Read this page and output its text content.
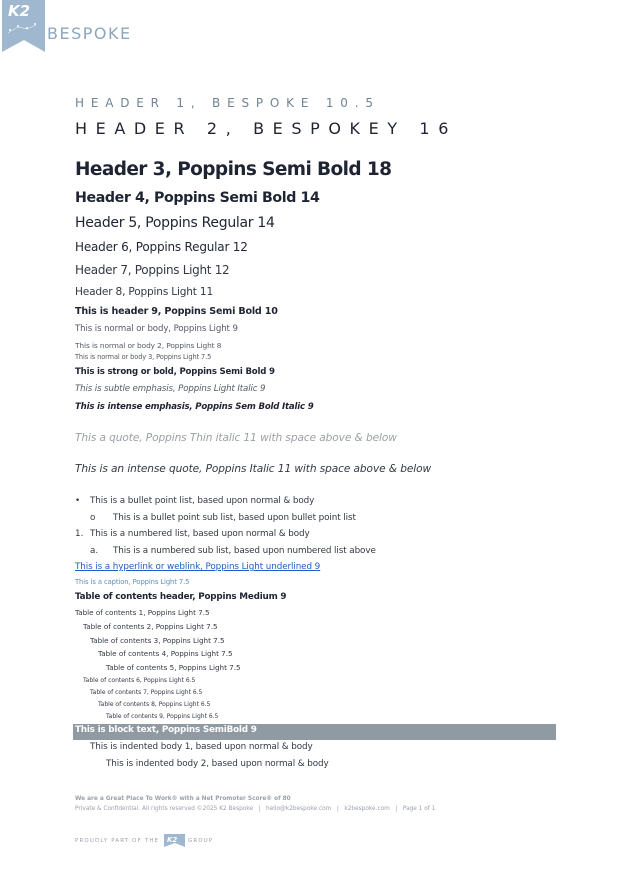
K2
BESPOKE
HEADER 1, BESPOKE 10.5
HEADER 2, BESPOKEY 16
Header 3, Poppins Semi Bold 18
Header 4, Poppins Semi Bold 14
Header 5, Poppins Regular 14
Header 6, Poppins Regular 12
Header 7, Poppins Light 12
Header 8, Poppins Light 11
This is header 9, Poppins Semi Bold 10
This is normal or body, Poppins Light 9
This is normal or body 2, Poppins Light 8
This is normal or body 3, Poppins Light 7.5
This is strong or bold, Poppins Semi Bold 9
This is subtle emphasis, Poppins Light Italic 9
This is intense emphasis, Poppins Sem Bold Italic 9
This a quote, Poppins Thin italic 11 with space above & below
This is an intense quote, Poppins Italic 11 with space above & below
• This is a bullet point list, based upon normal & body
o This is a bullet point sub list, based upon bullet point list
1. This is a numbered list, based upon normal & body
a. This is a numbered sub list, based upon numbered list above
This is a hyperlink or weblink, Poppins Light underlined 9
This is a caption, Poppins Light 7.5
Table of contents header, Poppins Medium 9
Table of contents 1, Poppins Light 7.5
Table of contents 2, Poppins Light 7.5
Table of contents 3, Poppins Light 7.5
Table of contents 4, Poppins Light 7.5
Table of contents 5, Poppins Light 7.5
Table of contents 6, Poppins Light 6.5
Table of contents 7, Poppins Light 6.5
Table of contents 8, Poppins Light 6.5
Table of contents 9, Poppins Light 6.5
This is block text, Poppins SemiBold 9
This is indented body 1, based upon normal & body
This is indented body 2, based upon normal & body
We are a Great Place To Work® with a Net Promoter Score® of 80
Private & Confidential. All rights reserved ©2025 K2 Bespoke   |   hello@k2bespoke.com   |   k2bespoke.com   |   Page 1 of 1
PROUDLY PART OF THE K2 GROUP
